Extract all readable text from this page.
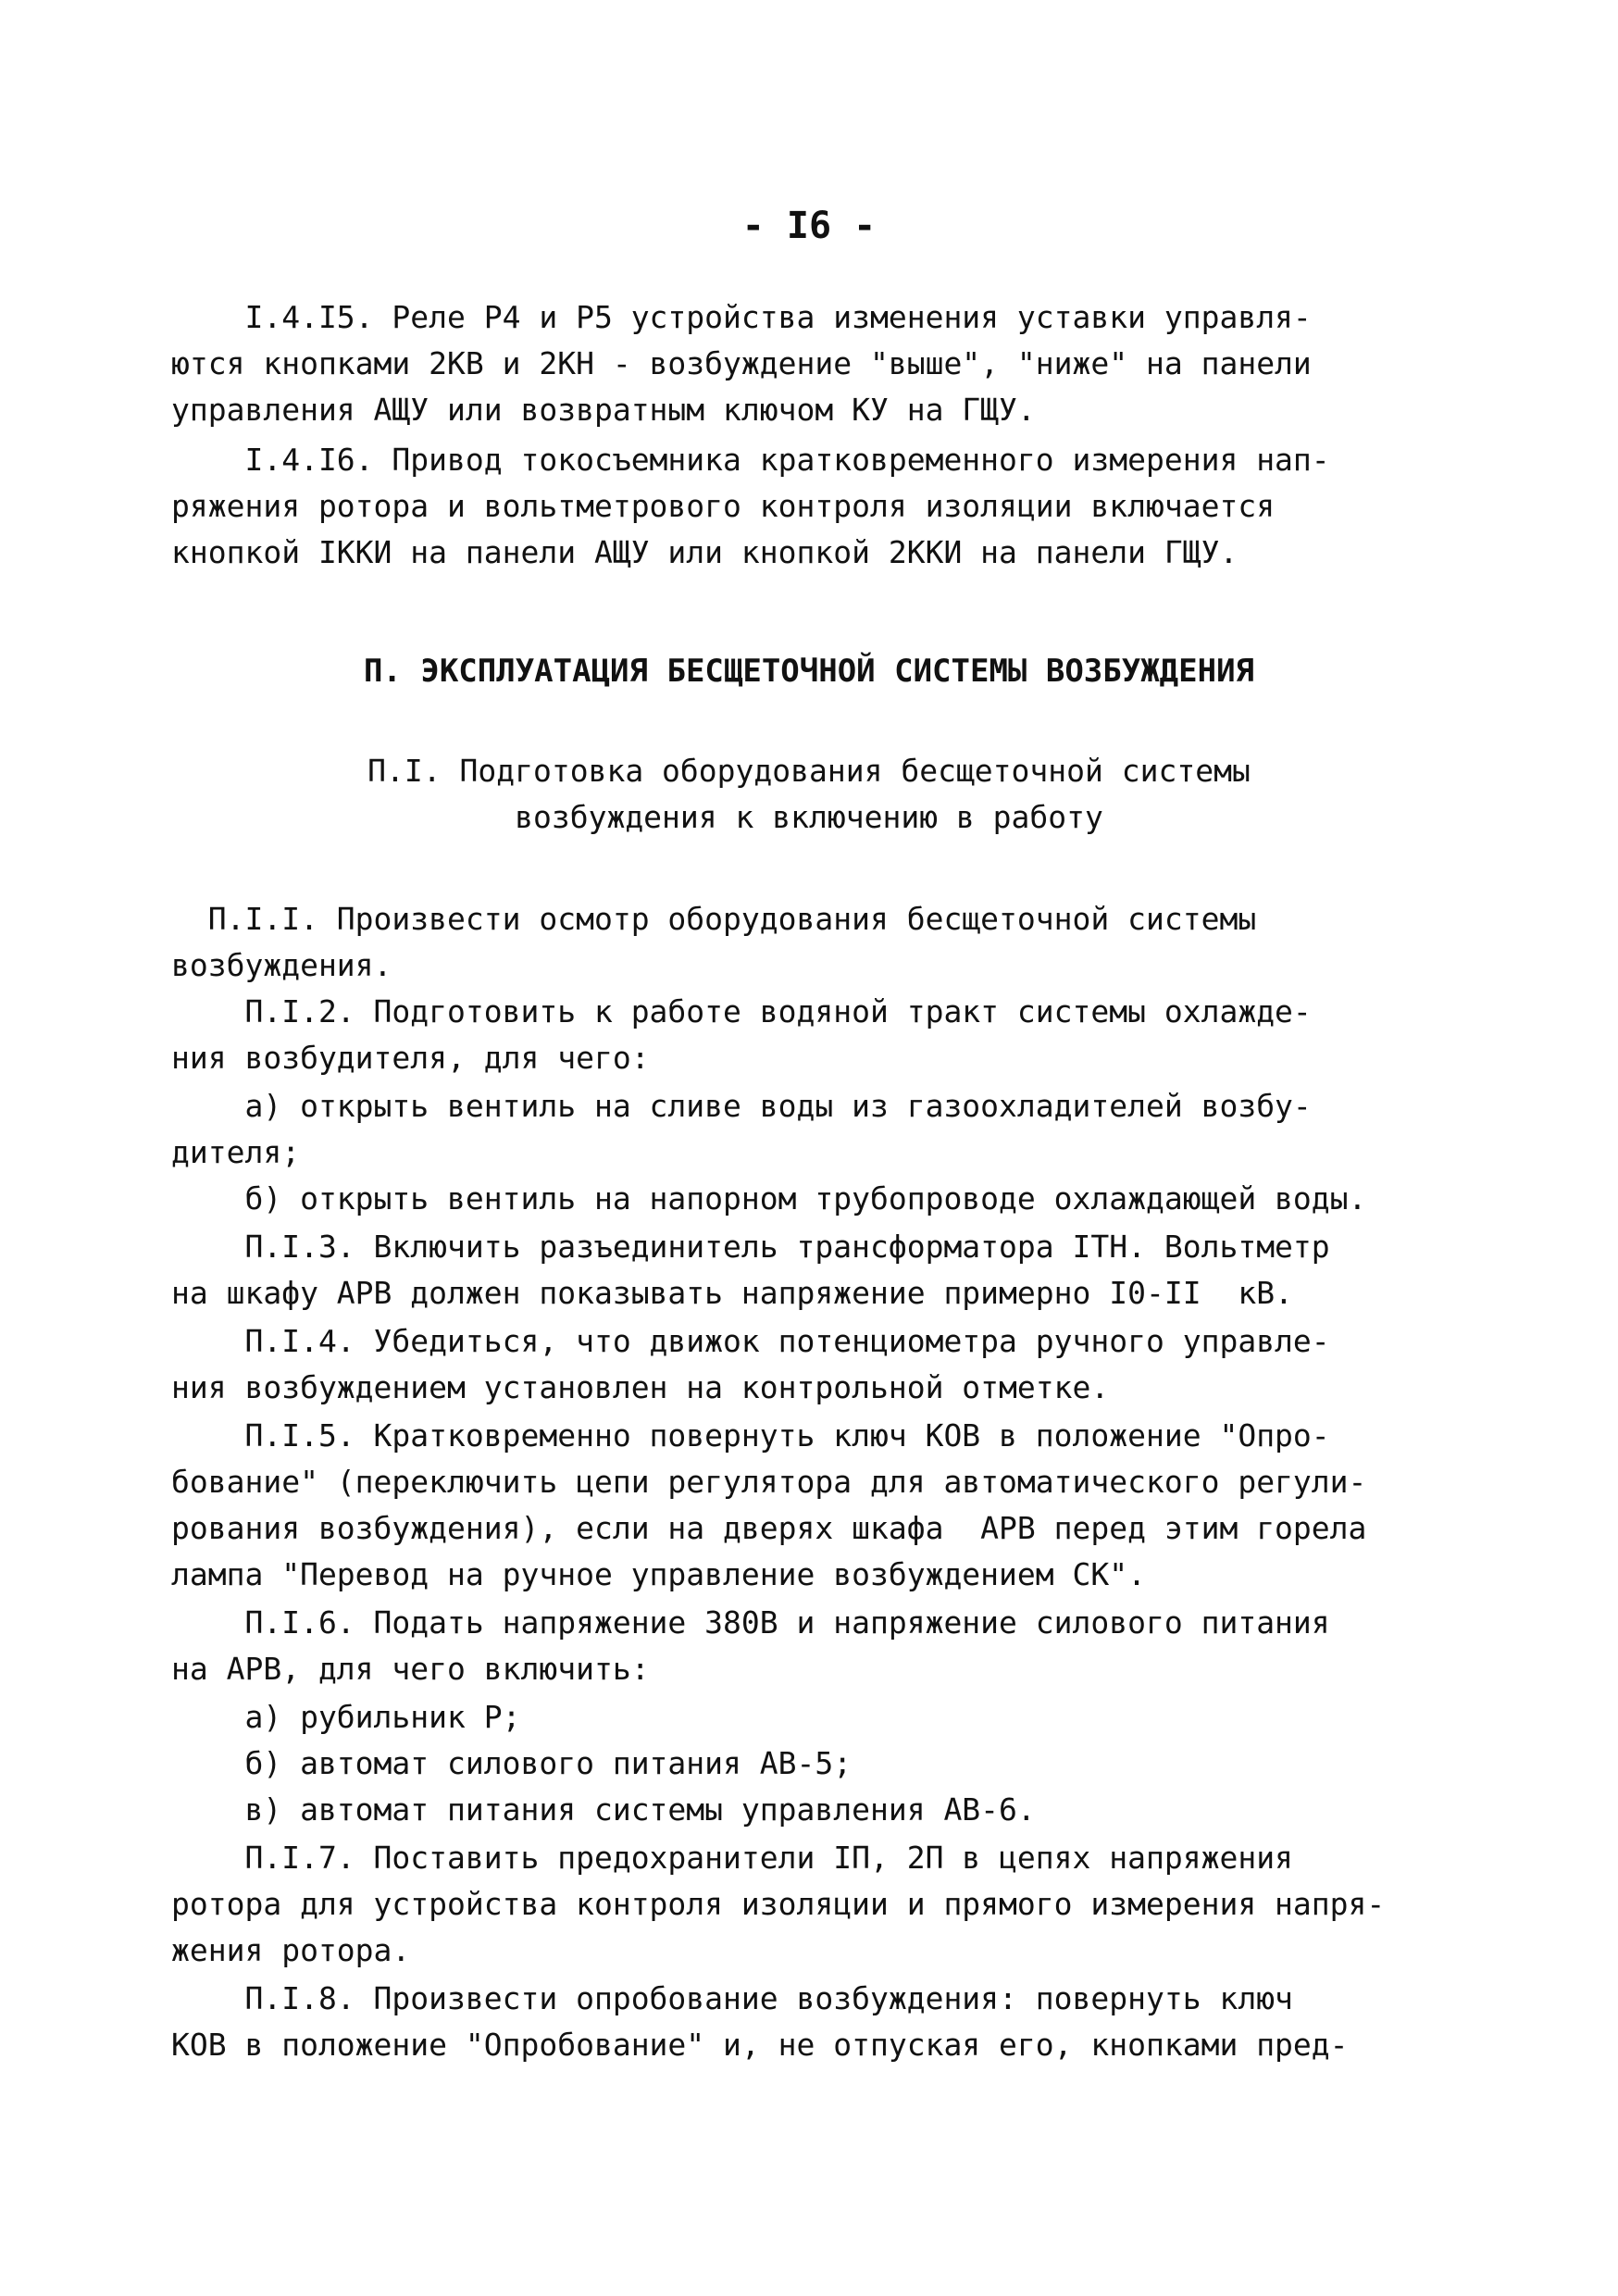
- I6 -
I.4.I5. Реле Р4 и Р5 устройства изменения уставки управля-
ются кнопками 2КВ и 2КН - возбуждение "выше", "ниже" на панели
управления АЩУ или возвратным ключом КУ на ГЩУ.
I.4.I6. Привод токосъемника кратковременного измерения нап-
ряжения ротора и вольтметрового контроля изоляции включается
кнопкой IККИ на панели АЩУ или кнопкой 2ККИ на панели ГЩУ.
П. ЭКСПЛУАТАЦИЯ БЕСЩЕТОЧНОЙ СИСТЕМЫ ВОЗБУЖДЕНИЯ
П.I. Подготовка оборудования бесщеточной системы
возбуждения к включению в работу
П.I.I. Произвести осмотр оборудования бесщеточной системы
возбуждения.
П.I.2. Подготовить к работе водяной тракт системы охлажде-
ния возбудителя, для чего:
а) открыть вентиль на сливе воды из газоохладителей возбу-
дителя;
б) открыть вентиль на напорном трубопроводе охлаждающей воды.
П.I.3. Включить разъединитель трансформатора IТН. Вольтметр
на шкафу АРВ должен показывать напряжение примерно I0-II  кВ.
П.I.4. Убедиться, что движок потенциометра ручного управле-
ния возбуждением установлен на контрольной отметке.
П.I.5. Кратковременно повернуть ключ КОВ в положение "Опро-
бование" (переключить цепи регулятора для автоматического регули-
рования возбуждения), если на дверях шкафа  АРВ перед этим горела
лампа "Перевод на ручное управление возбуждением СК".
П.I.6. Подать напряжение 380В и напряжение силового питания
на АРВ, для чего включить:
а) рубильник Р;
б) автомат силового питания АВ-5;
в) автомат питания системы управления АВ-6.
П.I.7. Поставить предохранители IП, 2П в цепях напряжения
ротора для устройства контроля изоляции и прямого измерения напря-
жения ротора.
П.I.8. Произвести опробование возбуждения: повернуть ключ
КОВ в положение "Опробование" и, не отпуская его, кнопками пред-
